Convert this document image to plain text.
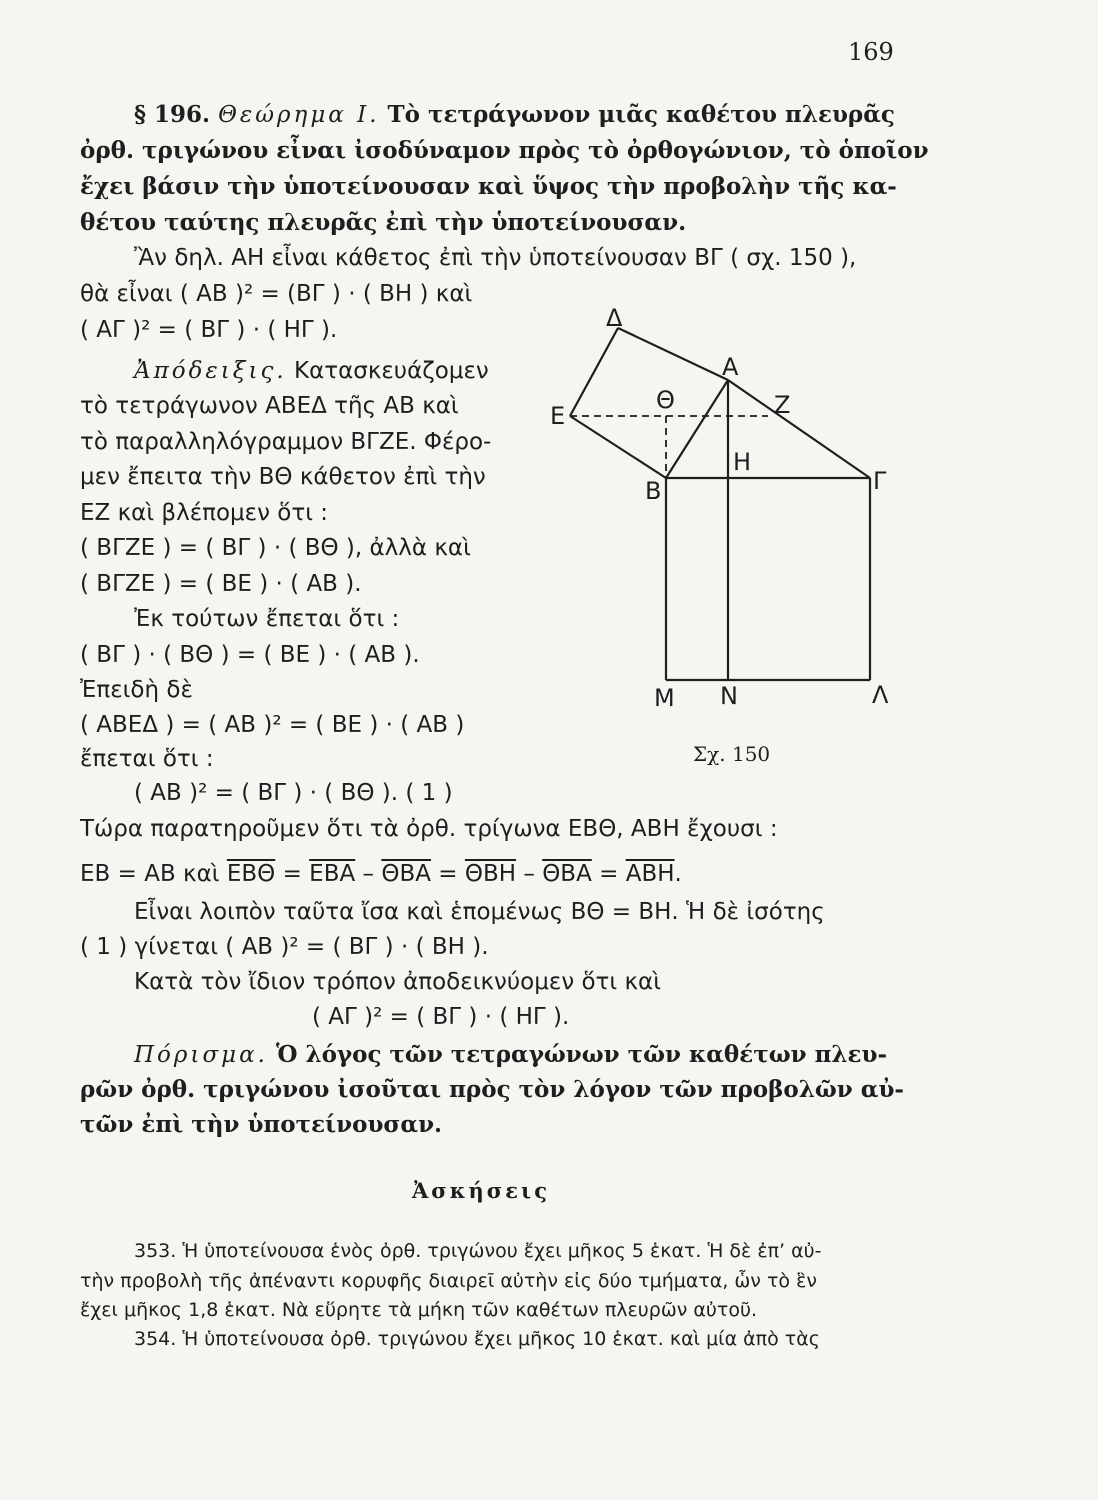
169
§ 196. Θεώρημα Ι. Τὸ τετράγωνον μιᾶς καθέτου πλευρᾶς
ὀρθ. τριγώνου εἶναι ἰσοδύναμον πρὸς τὸ ὀρθογώνιον, τὸ ὁποῖον
ἔχει βάσιν τὴν ὑποτείνουσαν καὶ ὕψος τὴν προβολὴν τῆς κα-
θέτου ταύτης πλευρᾶς ἐπὶ τὴν ὑποτείνουσαν.
Ἂν δηλ. ΑΗ εἶναι κάθετος ἐπὶ τὴν ὑποτείνουσαν ΒΓ ( σχ. 150 ),
θὰ εἶναι ( ΑΒ )² = (ΒΓ ) · ( ΒΗ ) καὶ
( ΑΓ )² = ( ΒΓ ) · ( ΗΓ ).
Ἀπόδειξις. Κατασκευάζομεν
τὸ τετράγωνον ΑΒΕΔ τῆς ΑΒ καὶ
τὸ παραλληλόγραμμον ΒΓΖΕ. Φέρο-
μεν ἔπειτα τὴν ΒΘ κάθετον ἐπὶ τὴν
ΕΖ καὶ βλέπομεν ὅτι :
( ΒΓΖΕ ) = ( ΒΓ ) · ( ΒΘ ), ἀλλὰ καὶ
( ΒΓΖΕ ) = ( ΒΕ ) · ( ΑΒ ).
Ἐκ τούτων ἔπεται ὅτι :
( ΒΓ ) · ( ΒΘ ) = ( ΒΕ ) · ( ΑΒ ).
Ἐπειδὴ δὲ
( ΑΒΕΔ ) = ( ΑΒ )² = ( ΒΕ ) · ( ΑΒ )
ἔπεται ὅτι :
( ΑΒ )² = ( ΒΓ ) · ( ΒΘ ). ( 1 )
Τώρα παρατηροῦμεν ὅτι τὰ ὀρθ. τρίγωνα ΕΒΘ, ΑΒΗ ἔχουσι :
ΕΒ = ΑΒ καὶ $\overline{EB\Theta} = \overline{EBA} - \overline{\Theta BA} = \overline{\Theta BH} - \overline{\Theta BA} = \overline{ABH}$.
Εἶναι λοιπὸν ταῦτα ἴσα καὶ ἑπομένως ΒΘ = ΒΗ. Ἡ δὲ ἰσότης
( 1 ) γίνεται ( ΑΒ )² = ( ΒΓ ) · ( ΒΗ ).
Κατὰ τὸν ἴδιον τρόπον ἀποδεικνύομεν ὅτι καὶ
( ΑΓ )² = ( ΒΓ ) · ( ΗΓ ).
Πόρισμα. Ὁ λόγος τῶν τετραγώνων τῶν καθέτων πλευ-
ρῶν ὀρθ. τριγώνου ἰσοῦται πρὸς τὸν λόγον τῶν προβολῶν αὐ-
τῶν ἐπὶ τὴν ὑποτείνουσαν.
Ἀσκήσεις
353. Ἡ ὑποτείνουσα ἑνὸς ὀρθ. τριγώνου ἔχει μῆκος 5 ἑκατ. Ἡ δὲ ἐπ’ αὐ-
τὴν προβολὴ τῆς ἀπέναντι κορυφῆς διαιρεῖ αὐτὴν εἰς δύο τμήματα, ὧν τὸ ἓν
ἔχει μῆκος 1,8 ἑκατ. Νὰ εὕρητε τὰ μήκη τῶν καθέτων πλευρῶν αὐτοῦ.
354. Ἡ ὑποτείνουσα ὀρθ. τριγώνου ἔχει μῆκος 10 ἑκατ. καὶ μία ἀπὸ τὰς
Δ
Α
Ε
Θ	Ζ
Η
Β	Γ
Μ Ν	Λ
Σχ. 150
